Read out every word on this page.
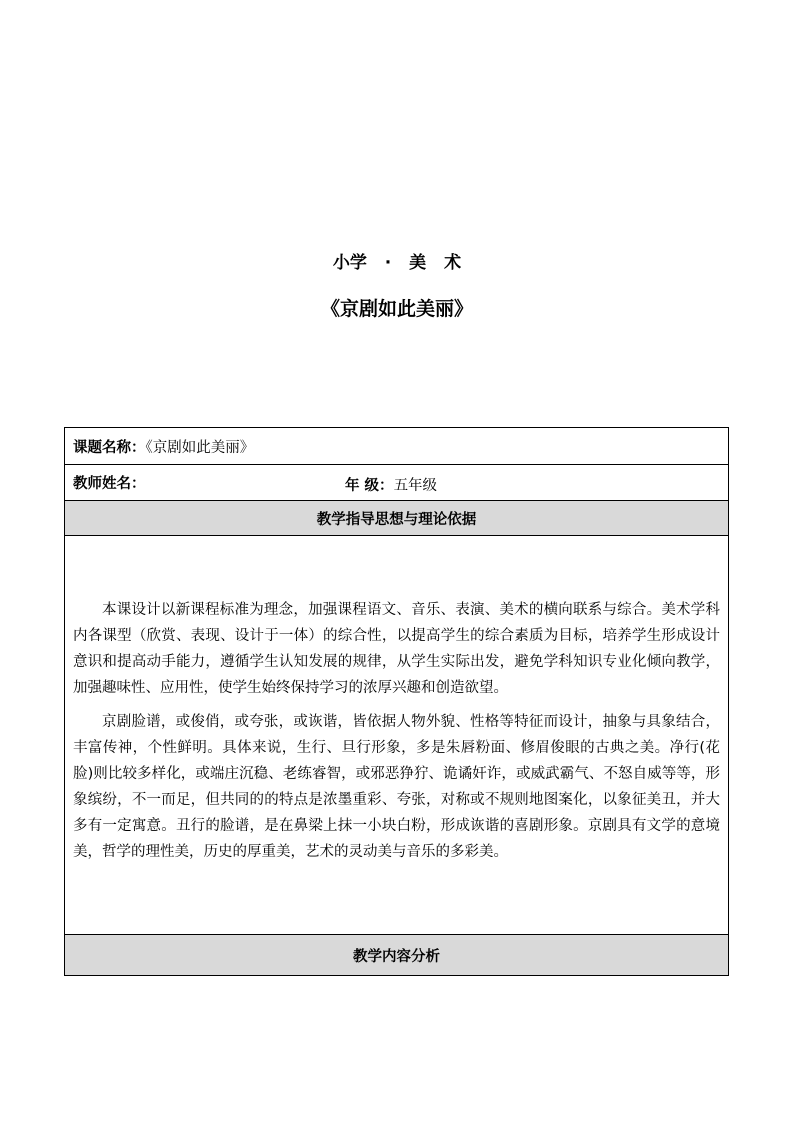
小学 · 美 术
《京剧如此美丽》
课题名称：《京剧如此美丽》
教师姓名：	年 级：五年级

教学指导思想与理论依据

本课设计以新课程标准为理念，加强课程语文、音乐、表演、美术的横向联系与综合。美术学科内各课型（欣赏、表现、设计于一体）的综合性，以提高学生的综合素质为目标，培养学生形成设计意识和提高动手能力，遵循学生认知发展的规律，从学生实际出发，避免学科知识专业化倾向教学，加强趣味性、应用性，使学生始终保持学习的浓厚兴趣和创造欲望。

京剧脸谱，或俊俏，或夸张，或诙谐，皆依据人物外貌、性格等特征而设计，抽象与具象结合，丰富传神，个性鲜明。具体来说，生行、旦行形象，多是朱唇粉面、修眉俊眼的古典之美。净行(花脸)则比较多样化，或端庄沉稳、老练睿智，或邪恶狰狞、诡谲奸诈，或威武霸气、不怒自威等等，形象缤纷，不一而足，但共同的的特点是浓墨重彩、夸张，对称或不规则地图案化，以象征美丑，并大多有一定寓意。丑行的脸谱，是在鼻梁上抹一小块白粉，形成诙谐的喜剧形象。京剧具有文学的意境美，哲学的理性美，历史的厚重美，艺术的灵动美与音乐的多彩美。

教学内容分析
